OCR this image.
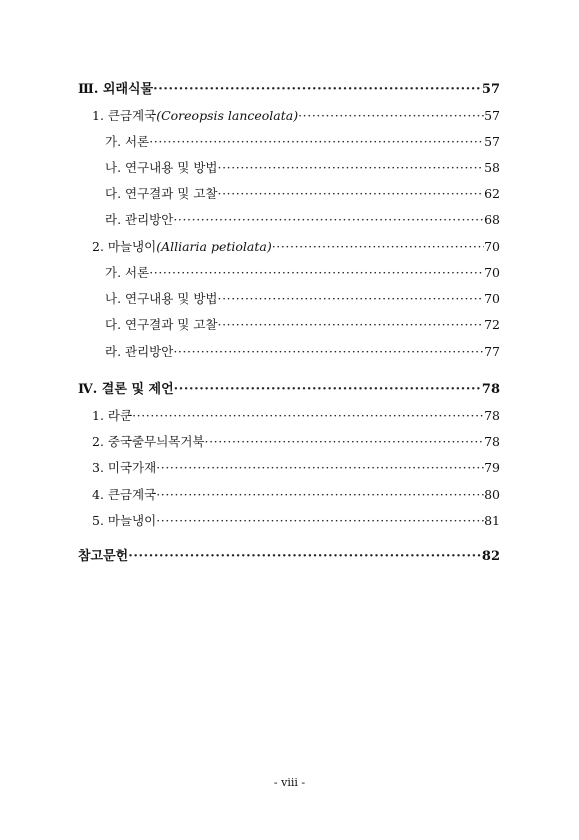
Ⅲ. 외래식물 ·····	57
1. 큰금계국(Coreopsis lanceolata) ·····	57
가. 서론 ·····	57
나. 연구내용 및 방법 ·····	58
다. 연구결과 및 고찰 ·····	62
라. 관리방안 ·····	68
2. 마늘냉이(Alliaria petiolata) ·····	70
가. 서론 ·····	70
나. 연구내용 및 방법 ·····	70
다. 연구결과 및 고찰 ·····	72
라. 관리방안 ·····	77
Ⅳ. 결론 및 제언 ·····	78
1. 라쿤 ·····	78
2. 중국줄무늬목거북 ·····	78
3. 미국가재 ·····	79
4. 큰금계국 ·····	80
5. 마늘냉이 ·····	81
참고문헌 ·····	82
- viii -
